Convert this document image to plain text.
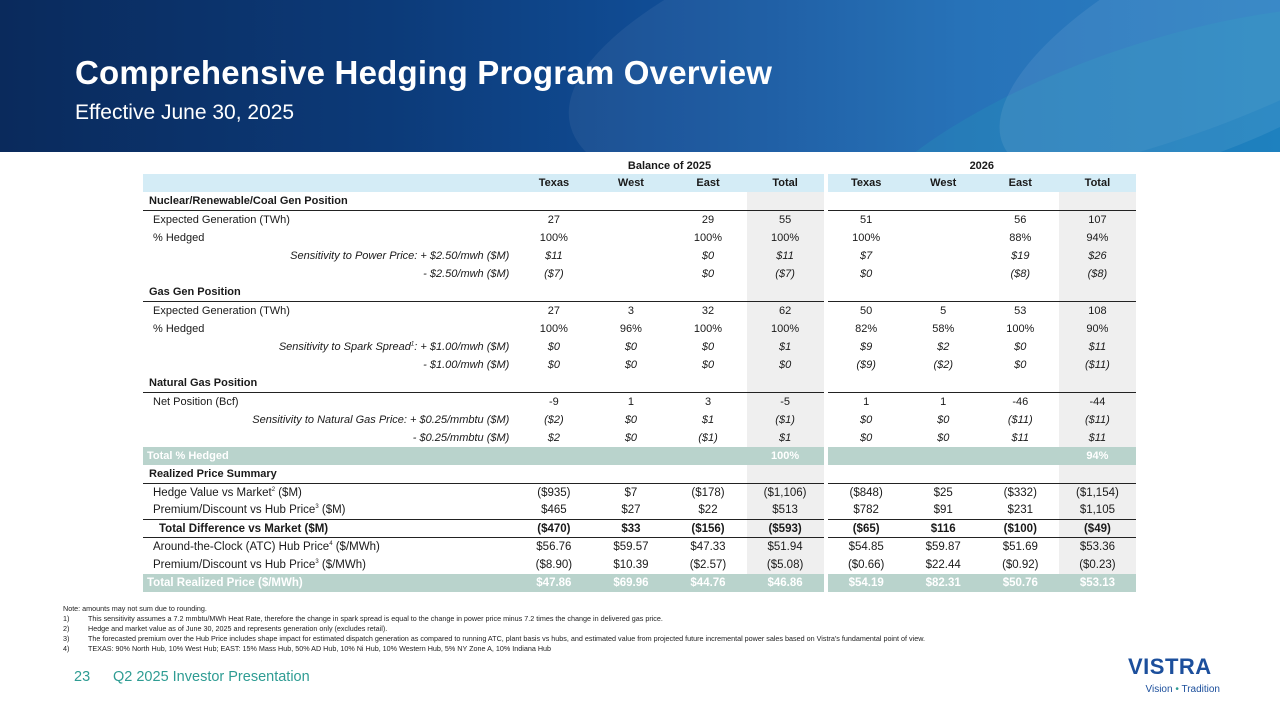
Comprehensive Hedging Program Overview
Effective June 30, 2025
	Balance of 2025					2026			
	Texas	West	East	Total		Texas	West	East	Total
Nuclear/Renewable/Coal Gen Position									
Expected Generation (TWh)	27		29	55		51		56	107
% Hedged	100%		100%	100%		100%		88%	94%
Sensitivity to Power Price: + $2.50/mwh ($M)	$11		$0	$11		$7		$19	$26
- $2.50/mwh ($M)	($7)		$0	($7)		$0		($8)	($8)
Gas Gen Position									
Expected Generation (TWh)	27	3	32	62		50	5	53	108
% Hedged	100%	96%	100%	100%		82%	58%	100%	90%
Sensitivity to Spark Spread$^1$: + $1.00/mwh ($M)	$0	$0	$0	$1		$9	$2	$0	$11
- $1.00/mwh ($M)	$0	$0	$0	$0		($9)	($2)	$0	($11)
Natural Gas Position									
Net Position (Bcf)	-9	1	3	-5		1	1	-46	-44
Sensitivity to Natural Gas Price: + $0.25/mmbtu ($M)	($2)	$0	$1	($1)		$0	$0	($11)	($11)
- $0.25/mmbtu ($M)	$2	$0	($1)	$1		$0	$0	$11	$11
Total % Hedged				100%					94%
Realized Price Summary									
Hedge Value vs Market$^2$ ($M)	($935)	$7	($178)	($1,106)		($848)	$25	($332)	($1,154)
Premium/Discount vs Hub Price$^3$ ($M)	$465	$27	$22	$513		$782	$91	$231	$1,105
Total Difference vs Market ($M)	($470)	$33	($156)	($593)		($65)	$116	($100)	($49)
Around-the-Clock (ATC) Hub Price$^4$ ($/MWh)	$56.76	$59.57	$47.33	$51.94		$54.85	$59.87	$51.69	$53.36
Premium/Discount vs Hub Price$^3$ ($/MWh)	($8.90)	$10.39	($2.57)	($5.08)		($0.66)	$22.44	($0.92)	($0.23)
Total Realized Price ($/MWh)	$47.86	$69.96	$44.76	$46.86		$54.19	$82.31	$50.76	$53.13
Note: amounts may not sum due to rounding.
1)	This sensitivity assumes a 7.2 mmbtu/MWh Heat Rate, therefore the change in spark spread is equal to the change in power price minus 7.2 times the change in delivered gas price.
2)	Hedge and market value as of June 30, 2025 and represents generation only (excludes retail).
3)	The forecasted premium over the Hub Price includes shape impact for estimated dispatch generation as compared to running ATC, plant basis vs hubs, and estimated value from projected future incremental power sales based on Vistra’s fundamental point of view.
4)	TEXAS: 90% North Hub, 10% West Hub; EAST: 15% Mass Hub, 50% AD Hub, 10% Ni Hub, 10% Western Hub, 5% NY Zone A, 10% Indiana Hub
23 Q2 2025 Investor Presentation	VISTRA
Vision • Tradition
